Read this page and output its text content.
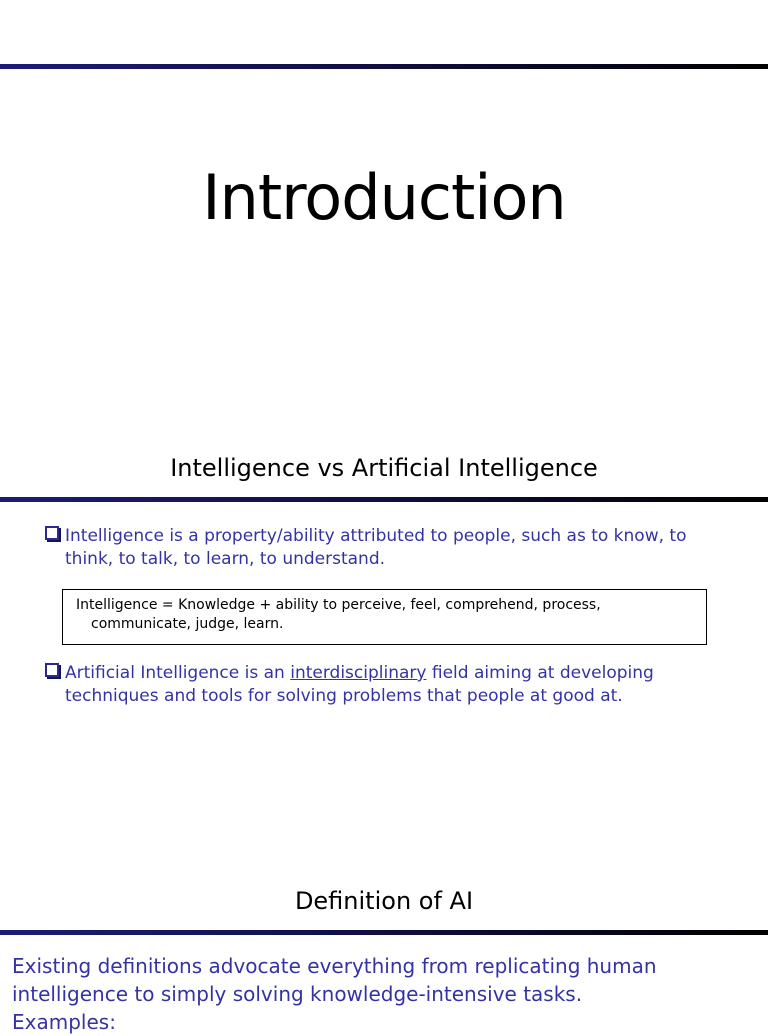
Introduction
Intelligence vs Artificial Intelligence
Intelligence is a property/ability attributed to people, such as to know, to think, to talk, to learn, to understand.
Intelligence = Knowledge + ability to perceive, feel, comprehend, process, communicate, judge, learn.
Artificial Intelligence is an interdisciplinary field aiming at developing techniques and tools for solving problems that people at good at.
Definition of AI

Existing definitions advocate everything from replicating human intelligence to simply solving knowledge-intensive tasks.

Examples:
